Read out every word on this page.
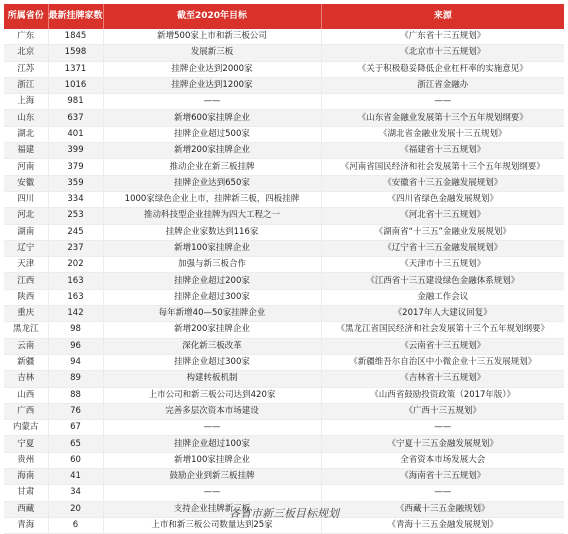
所属省份	最新挂牌家数	截至2020年目标	来源
广东	1845	新增500家上市和新三板公司	《广东省十三五规划》
北京	1598	发展新三板	《北京市十三五规划》
江苏	1371	挂牌企业达到2000家	《关于积极稳妥降低企业杠杆率的实施意见》
浙江	1016	挂牌企业达到1200家	浙江省金融办
上海	981	——	——
山东	637	新增600家挂牌企业	《山东省金融业发展第十三个五年规划纲要》
湖北	401	挂牌企业超过500家	《湖北省金融业发展十三五规划》
福建	399	新增200家挂牌企业	《福建省十三五规划》
河南	379	推动企业在新三板挂牌	《河南省国民经济和社会发展第十三个五年规划纲要》
安徽	359	挂牌企业达到650家	《安徽省十三五金融发展规划》
四川	334	1000家绿色企业上市，挂牌新三板，四板挂牌	《四川省绿色金融发展规划》
河北	253	推动科技型企业挂牌为四大工程之一	《河北省十三五规划》
湖南	245	挂牌企业家数达到116家	《湖南省“十三五”金融业发展规划》
辽宁	237	新增100家挂牌企业	《辽宁省十三五金融发展规划》
天津	202	加强与新三板合作	《天津市十三五规划》
江西	163	挂牌企业超过200家	《江西省十三五建设绿色金融体系规划》
陕西	163	挂牌企业超过300家	金融工作会议
重庆	142	每年新增40—50家挂牌企业	《2017年人大建议回复》
黑龙江	98	新增200家挂牌企业	《黑龙江省国民经济和社会发展第十三个五年规划纲要》
云南	96	深化新三板改革	《云南省十三五规划》
新疆	94	挂牌企业超过300家	《新疆维吾尔自治区中小微企业十三五发展规划》
吉林	89	构建转板机制	《吉林省十三五规划》
山西	88	上市公司和新三板公司达到420家	《山西省鼓励投资政策（2017年版）》
广西	76	完善多层次资本市场建设	《广西十三五规划》
内蒙古	67	——	——
宁夏	65	挂牌企业超过100家	《宁夏十三五金融发展规划》
贵州	60	新增100家挂牌企业	全省资本市场发展大会
海南	41	鼓励企业到新三板挂牌	《海南省十三五规划》
甘肃	34	——	——
西藏	20	支持企业挂牌新三板	《西藏十三五金融规划》
青海	6	上市和新三板公司数量达到25家	《青海十三五金融发展规划》
各省市新三板目标规划
